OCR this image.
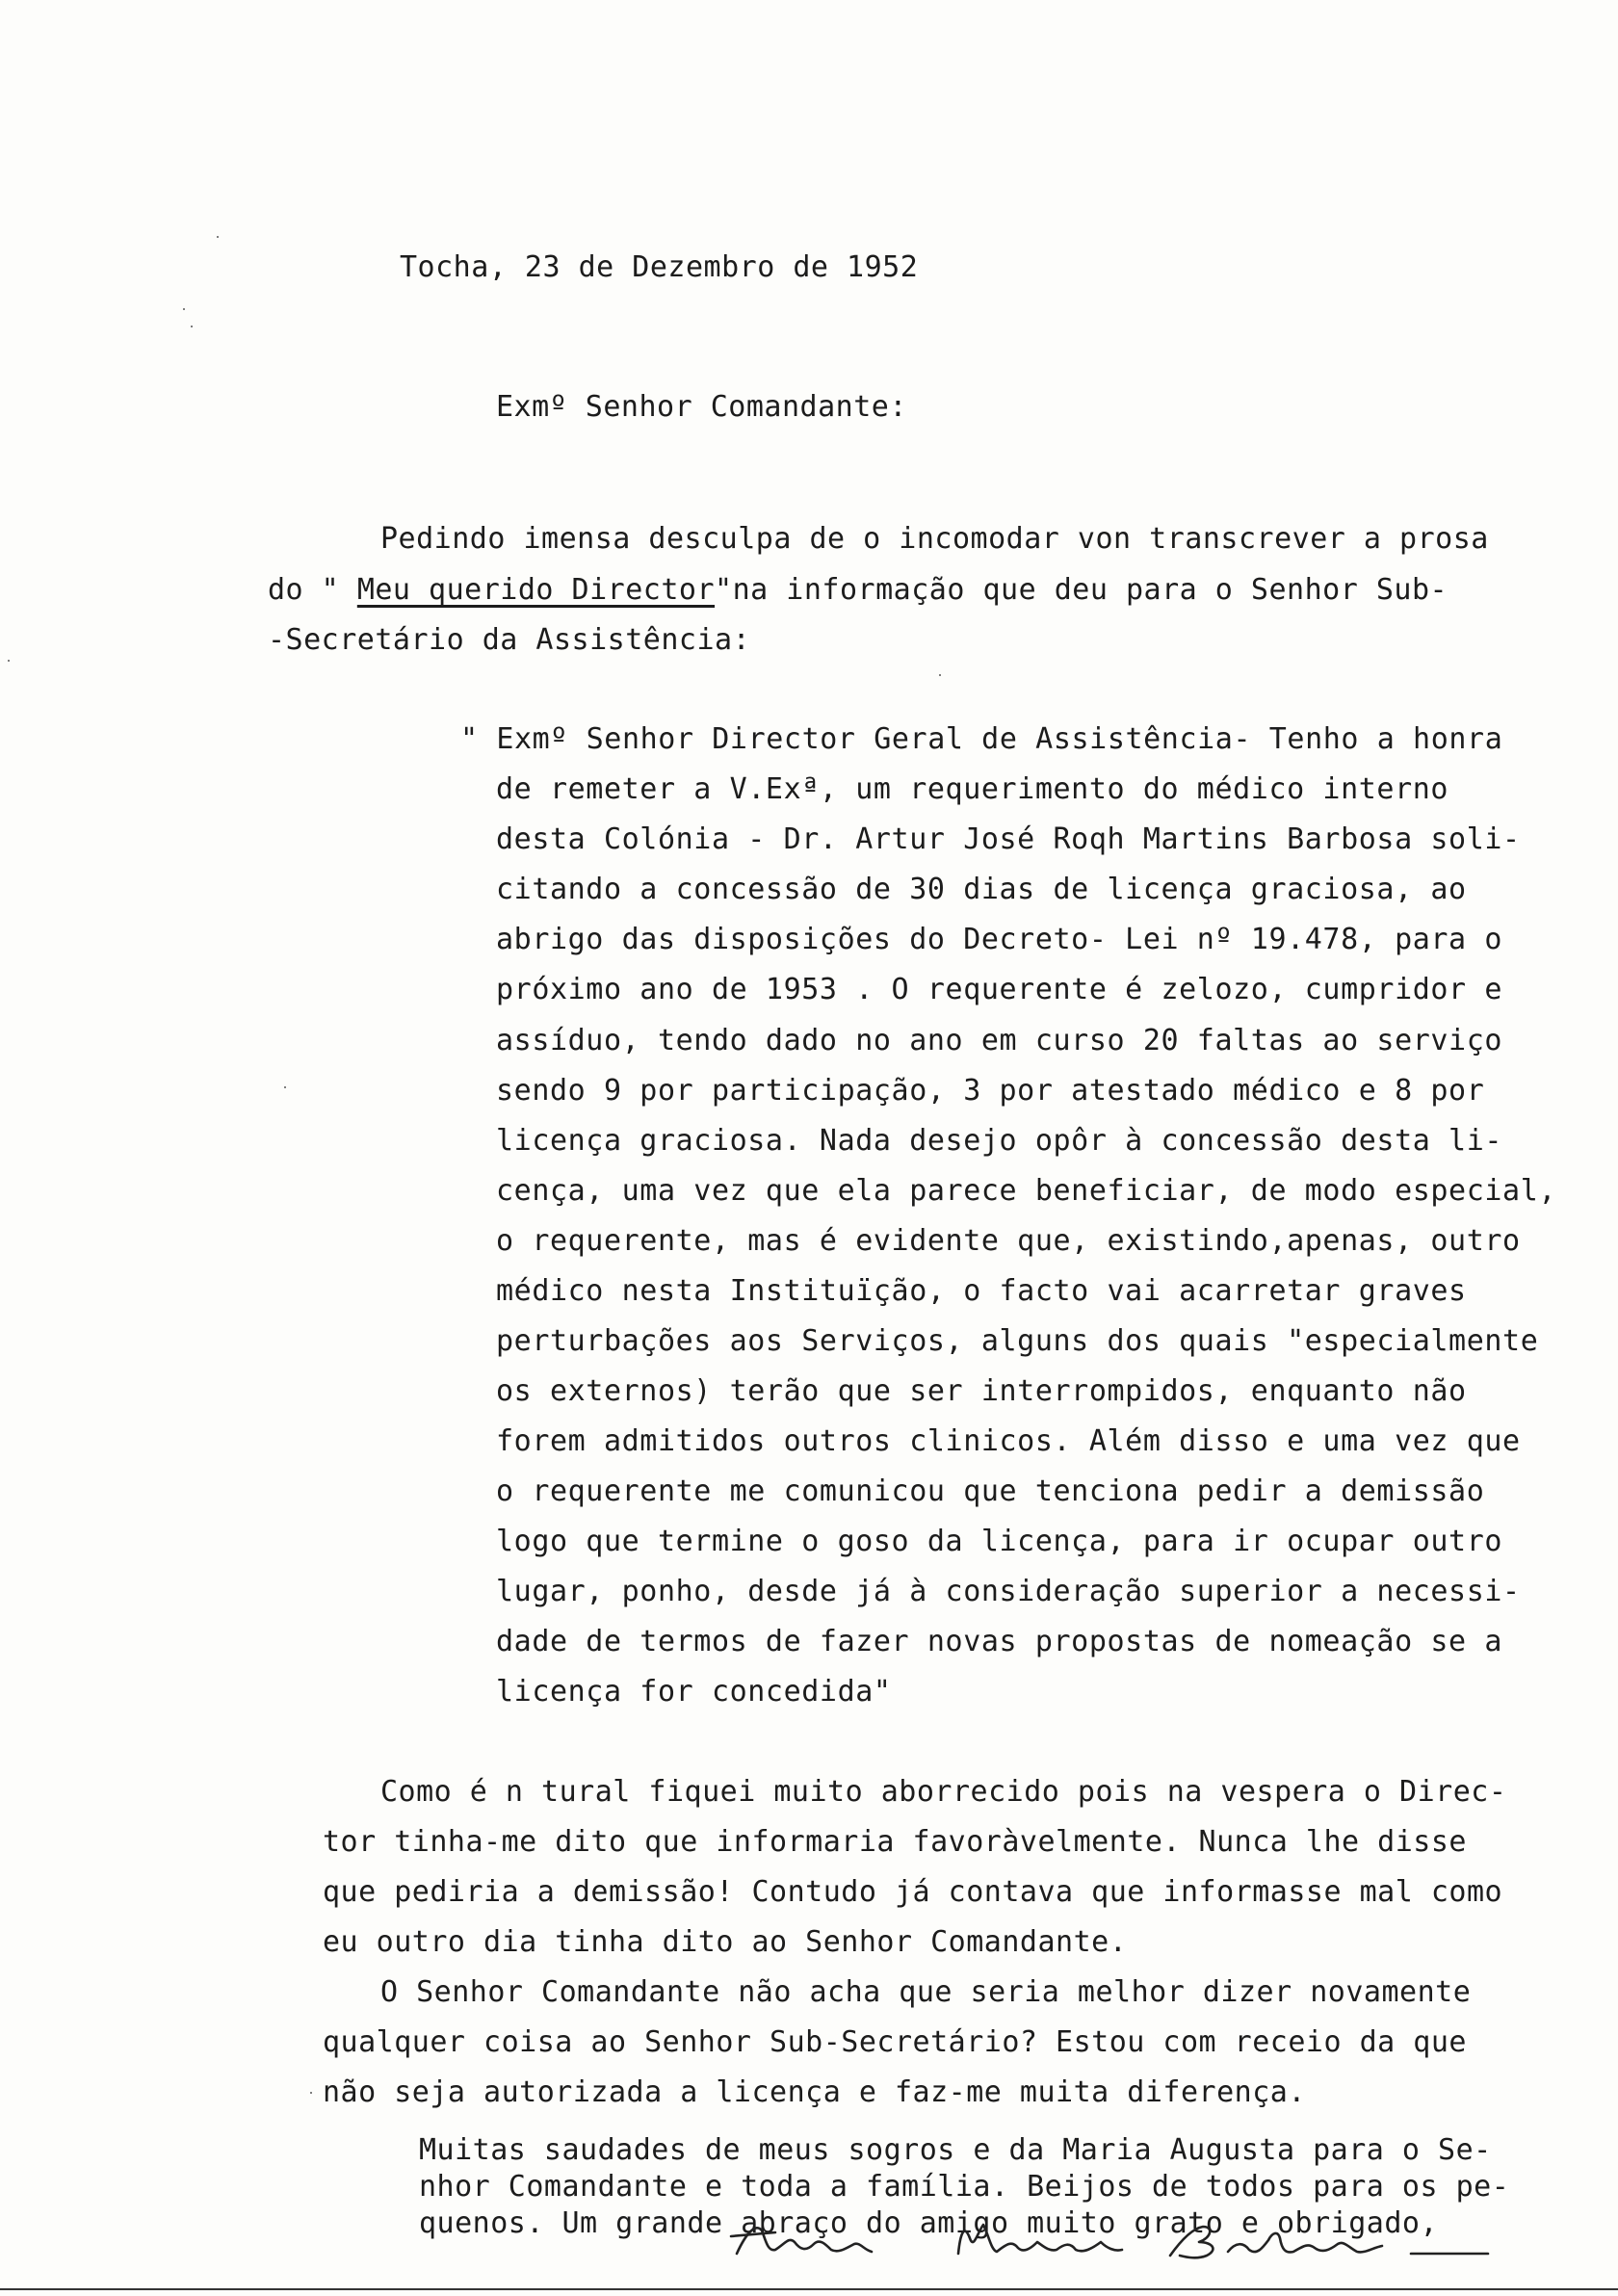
Tocha, 23 de Dezembro de 1952
Exmº Senhor Comandante:
Pedindo imensa desculpa de o incomodar von transcrever a prosa
do " Meu querido Director"na informação que deu para o Senhor Sub-
-Secretário da Assistência:
" Exmº Senhor Director Geral de Assistência- Tenho a honra
de remeter a V.Exª, um requerimento do médico interno
desta Colónia - Dr. Artur José Roqh Martins Barbosa soli-
citando a concessão de 30 dias de licença graciosa, ao
abrigo das disposições do Decreto- Lei nº 19.478, para o
próximo ano de 1953 . O requerente é zelozo, cumpridor e
assíduo, tendo dado no ano em curso 20 faltas ao serviço
sendo 9 por participação, 3 por atestado médico e 8 por
licença graciosa. Nada desejo opôr à concessão desta li-
cença, uma vez que ela parece beneficiar, de modo especial,
o requerente, mas é evidente que, existindo,apenas, outro
médico nesta Instituïção, o facto vai acarretar graves
perturbações aos Serviços, alguns dos quais "especialmente
os externos) terão que ser interrompidos, enquanto não
forem admitidos outros clinicos. Além disso e uma vez que
o requerente me comunicou que tenciona pedir a demissão
logo que termine o goso da licença, para ir ocupar outro
lugar, ponho, desde já à consideração superior a necessi-
dade de termos de fazer novas propostas de nomeação se a
licença for concedida"
Como é n tural fiquei muito aborrecido pois na vespera o Direc-
tor tinha-me dito que informaria favoràvelmente. Nunca lhe disse
que pediria a demissão! Contudo já contava que informasse mal como
eu outro dia tinha dito ao Senhor Comandante.
O Senhor Comandante não acha que seria melhor dizer novamente
qualquer coisa ao Senhor Sub-Secretário? Estou com receio da que
não seja autorizada a licença e faz-me muita diferença.
Muitas saudades de meus sogros e da Maria Augusta para o Se-
nhor Comandante e toda a família. Beijos de todos para os pe-
quenos. Um grande abraço do amigo muito grato e obrigado,
